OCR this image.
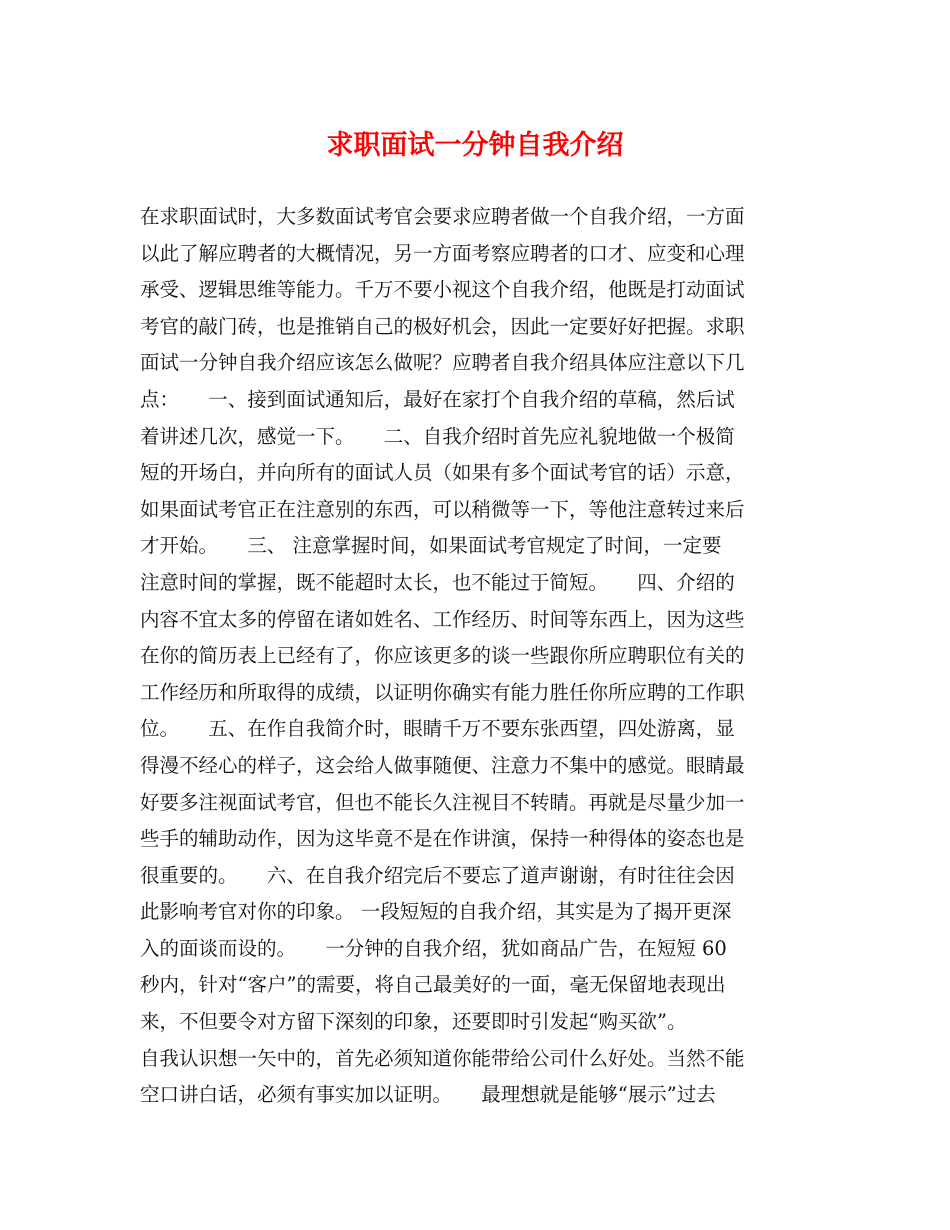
求职面试一分钟自我介绍
在求职面试时，大多数面试考官会要求应聘者做一个自我介绍，一方面
以此了解应聘者的大概情况，另一方面考察应聘者的口才、应变和心理
承受、逻辑思维等能力。千万不要小视这个自我介绍，他既是打动面试
考官的敲门砖，也是推销自己的极好机会，因此一定要好好把握。求职
面试一分钟自我介绍应该怎么做呢？应聘者自我介绍具体应注意以下几
点：　　一、接到面试通知后，最好在家打个自我介绍的草稿，然后试
着讲述几次，感觉一下。　　二、自我介绍时首先应礼貌地做一个极简
短的开场白，并向所有的面试人员（如果有多个面试考官的话）示意，
如果面试考官正在注意别的东西，可以稍微等一下，等他注意转过来后
才开始。　　三、 注意掌握时间，如果面试考官规定了时间，一定要
注意时间的掌握，既不能超时太长，也不能过于简短。　　四、介绍的
内容不宜太多的停留在诸如姓名、工作经历、时间等东西上，因为这些
在你的简历表上已经有了，你应该更多的谈一些跟你所应聘职位有关的
工作经历和所取得的成绩，以证明你确实有能力胜任你所应聘的工作职
位。　　五、在作自我简介时，眼睛千万不要东张西望，四处游离，显
得漫不经心的样子，这会给人做事随便、注意力不集中的感觉。眼睛最
好要多注视面试考官，但也不能长久注视目不转睛。再就是尽量少加一
些手的辅助动作，因为这毕竟不是在作讲演，保持一种得体的姿态也是
很重要的。　　六、在自我介绍完后不要忘了道声谢谢，有时往往会因
此影响考官对你的印象。 一段短短的自我介绍，其实是为了揭开更深
入的面谈而设的。　　一分钟的自我介绍，犹如商品广告，在短短 60
秒内，针对“客户”的需要，将自己最美好的一面，毫无保留地表现出
来，不但要令对方留下深刻的印象，还要即时引发起“购买欲”。
自我认识想一矢中的，首先必须知道你能带给公司什么好处。当然不能
空口讲白话，必须有事实加以证明。　　最理想就是能够“展示”过去
